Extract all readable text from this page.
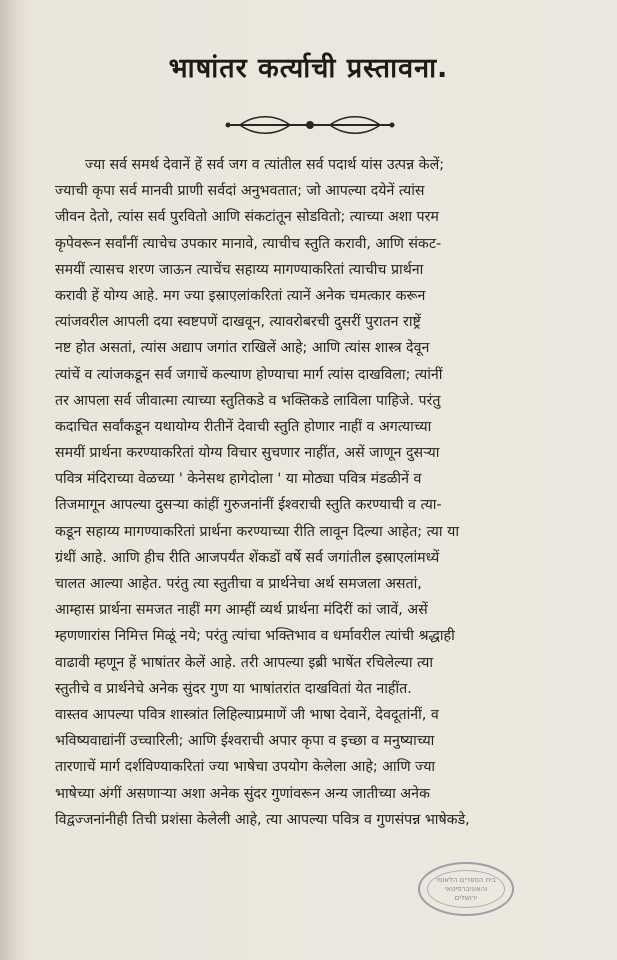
भाषांतर कर्त्याची प्रस्तावना.
ज्या सर्व समर्थ देवानें हें सर्व जग व त्यांतील सर्व पदार्थ यांस उत्पन्न केलें;
ज्याची कृपा सर्व मानवी प्राणी सर्वदां अनुभवतात; जो आपल्या दयेनें त्यांस
जीवन देतो, त्यांस सर्व पुरवितो आणि संकटांतून सोडवितो; त्याच्या अशा परम
कृपेवरून सर्वांनीं त्याचेच उपकार मानावे, त्याचीच स्तुति करावी, आणि संकट-
समयीं त्यासच शरण जाऊन त्याचेंच सहाय्य मागण्याकरितां त्याचीच प्रार्थना
करावी हें योग्य आहे. मग ज्या इस्राएलांकरितां त्यानें अनेक चमत्कार करून
त्यांजवरील आपली दया स्वष्टपणें दाखवून, त्यावरोबरची दुसरीं पुरातन राष्ट्रें
नष्ट होत असतां, त्यांस अद्याप जगांत राखिलें आहे; आणि त्यांस शास्त्र देवून
त्यांचें व त्यांजकडून सर्व जगाचें कल्याण होण्याचा मार्ग त्यांस दाखविला; त्यांनीं
तर आपला सर्व जीवात्मा त्याच्या स्तुतिकडे व भक्तिकडे लाविला पाहिजे. परंतु
कदाचित सर्वांकडून यथायोग्य रीतीनें देवाची स्तुति होणार नाहीं व अगत्याच्या
समयीं प्रार्थना करण्याकरितां योग्य विचार सुचणार नाहींत, असें जाणून दुसऱ्या
पवित्र मंदिराच्या वेळच्या ' केनेसथ हागेदोला ' या मोठ्या पवित्र मंडळीनें व
तिजमागून आपल्या दुसऱ्या कांहीं गुरुजनांनीं ईश्वराची स्तुति करण्याची व त्या-
कडून सहाय्य मागण्याकरितां प्रार्थना करण्याच्या रीति लावून दिल्या आहेत; त्या या
ग्रंथीं आहे. आणि हीच रीति आजपर्यंत शेंकडों वर्षे सर्व जगांतील इस्राएलांमध्यें
चालत आल्या आहेत. परंतु त्या स्तुतीचा व प्रार्थनेचा अर्थ समजला असतां,
आम्हास प्रार्थना समजत नाहीं मग आम्हीं व्यर्थ प्रार्थना मंदिरीं कां जावें, असें
म्हणणारांस निमित्त मिळूं नये; परंतु त्यांचा भक्तिभाव व धर्मावरील त्यांची श्रद्धाही
वाढावी म्हणून हें भाषांतर केलें आहे. तरी आपल्या इब्री भाषेंत रचिलेल्या त्या
स्तुतीचे व प्रार्थनेचे अनेक सुंदर गुण या भाषांतरांत दाखवितां येत नाहींत.
वास्तव आपल्या पवित्र शास्त्रांत लिहिल्याप्रमाणें जी भाषा देवानें, देवदूतांनीं, व
भविष्यवाद्यांनीं उच्चारिली; आणि ईश्वराची अपार कृपा व इच्छा व मनुष्याच्या
तारणाचें मार्ग दर्शविण्याकरितां ज्या भाषेचा उपयोग केलेला आहे; आणि ज्या
भाषेच्या अंगीं असणाऱ्या अशा अनेक सुंदर गुणांवरून अन्य जातीच्या अनेक
विद्वज्जनांनीही तिची प्रशंसा केलेली आहे, त्या आपल्या पवित्र व गुणसंपन्न भाषेकडे,
בית הספרים הלאומי
והאוניברסיטאי
ירושלים
